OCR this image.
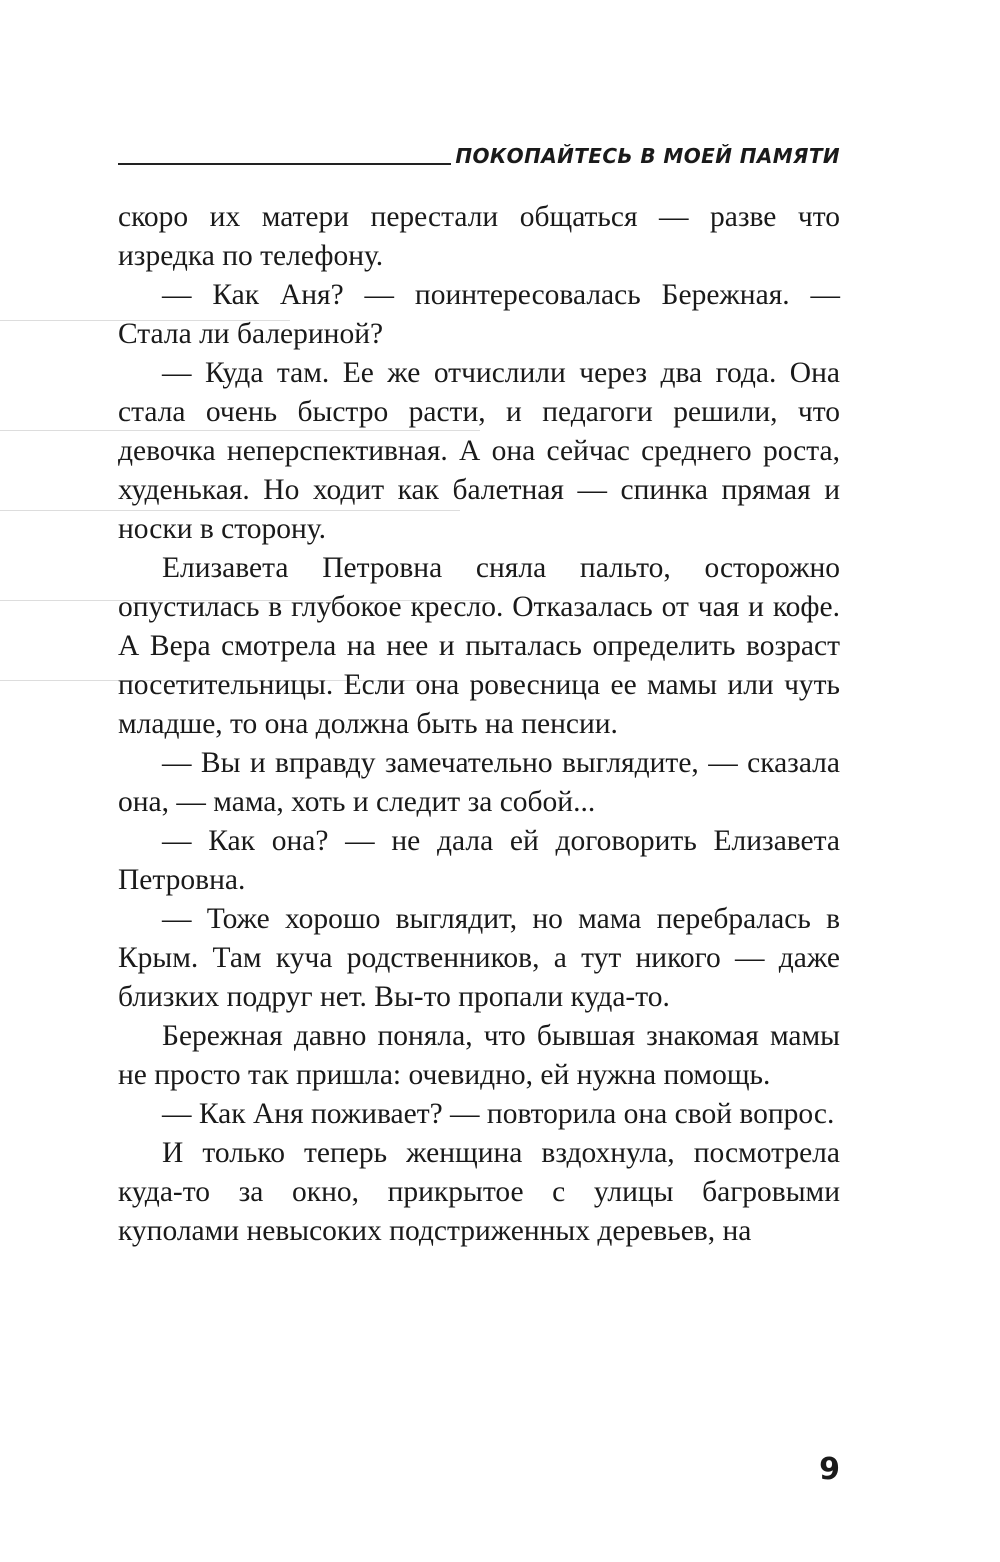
ПОКОПАЙТЕСЬ В МОЕЙ ПАМЯТИ

скоро их матери перестали общаться — разве что изредка по телефону.

— Как Аня? — поинтересовалась Бережная. — Стала ли балериной?

— Куда там. Ее же отчислили через два года. Она стала очень быстро расти, и педагоги решили, что девочка неперспективная. А она сейчас среднего роста, худенькая. Но ходит как балетная — спинка прямая и носки в сторону.

Елизавета Петровна сняла пальто, осторожно опустилась в глубокое кресло. Отказалась от чая и кофе. А Вера смотрела на нее и пыталась определить возраст посетительницы. Если она ровесница ее мамы или чуть младше, то она должна быть на пенсии.

— Вы и вправду замечательно выглядите, — сказала она, — мама, хоть и следит за собой...

— Как она? — не дала ей договорить Елизавета Петровна.

— Тоже хорошо выглядит, но мама перебралась в Крым. Там куча родственников, а тут никого — даже близких подруг нет. Вы-то пропали куда-то.

Бережная давно поняла, что бывшая знакомая мамы не просто так пришла: очевидно, ей нужна помощь.

— Как Аня поживает? — повторила она свой вопрос.

И только теперь женщина вздохнула, посмотрела куда-то за окно, прикрытое с улицы багровыми куполами невысоких подстриженных деревьев, на

9
